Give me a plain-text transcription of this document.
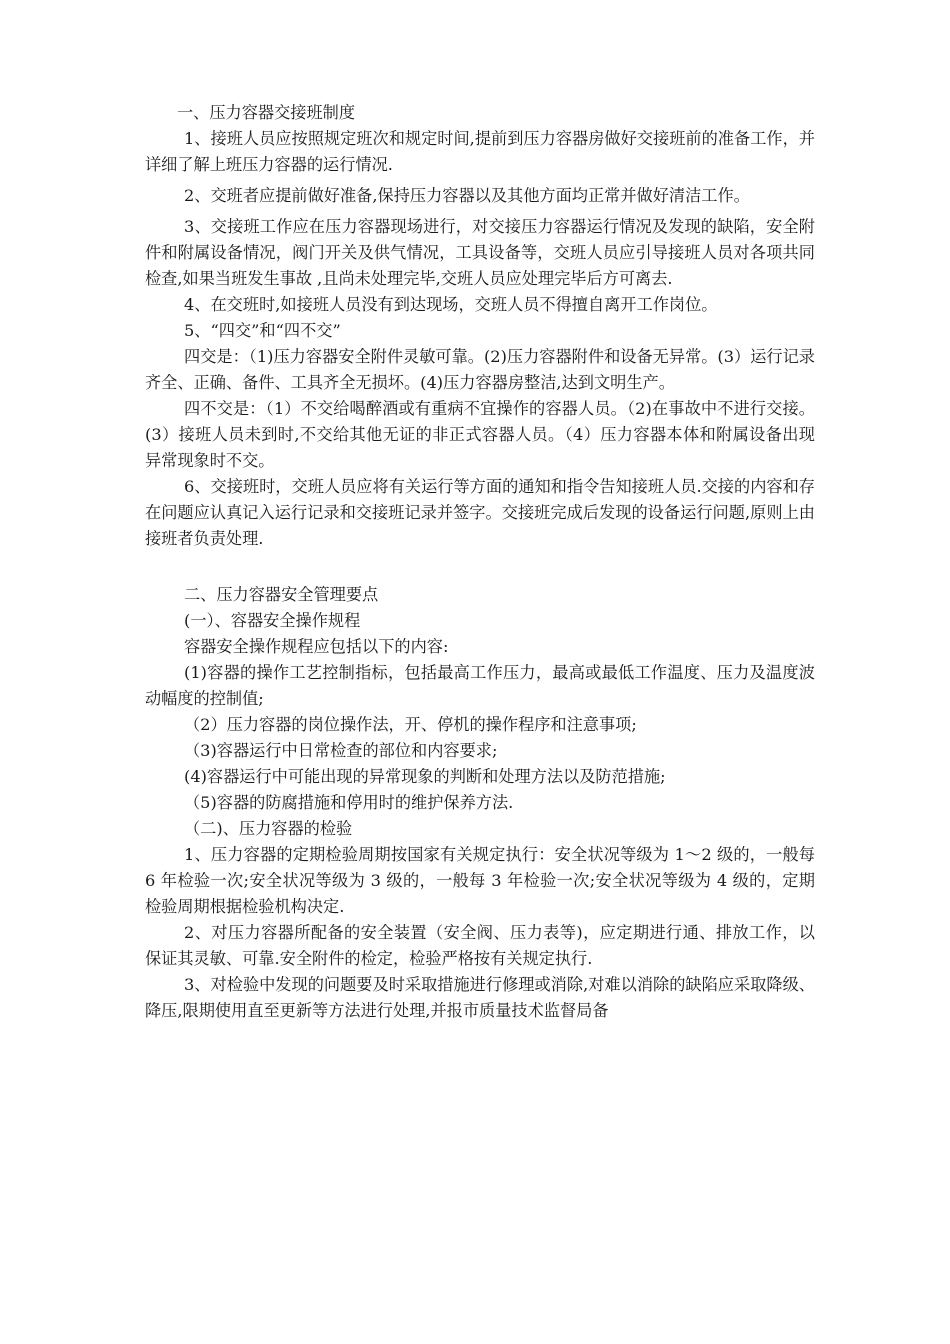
一、压力容器交接班制度

1、接班人员应按照规定班次和规定时间,提前到压力容器房做好交接班前的准备工作，并详细了解上班压力容器的运行情况.

2、交班者应提前做好准备,保持压力容器以及其他方面均正常并做好清洁工作。

3、交接班工作应在压力容器现场进行，对交接压力容器运行情况及发现的缺陷，安全附件和附属设备情况，阀门开关及供气情况，工具设备等，交班人员应引导接班人员对各项共同检查,如果当班发生事故 ,且尚未处理完毕,交班人员应处理完毕后方可离去.

4、在交班时,如接班人员没有到达现场，交班人员不得擅自离开工作岗位。

5、“四交”和“四不交”

四交是：（1)压力容器安全附件灵敏可靠。(2)压力容器附件和设备无异常。(3）运行记录齐全、正确、备件、工具齐全无损坏。(4)压力容器房整洁,达到文明生产。

四不交是：（1）不交给喝醉酒或有重病不宜操作的容器人员。（2)在事故中不进行交接。(3）接班人员未到时,不交给其他无证的非正式容器人员。（4）压力容器本体和附属设备出现异常现象时不交。

6、交接班时，交班人员应将有关运行等方面的通知和指令告知接班人员.交接的内容和存在问题应认真记入运行记录和交接班记录并签字。交接班完成后发现的设备运行问题,原则上由接班者负责处理.

二、压力容器安全管理要点

(一）、容器安全操作规程

容器安全操作规程应包括以下的内容:

(1)容器的操作工艺控制指标，包括最高工作压力，最高或最低工作温度、压力及温度波动幅度的控制值;

（2）压力容器的岗位操作法，开、停机的操作程序和注意事项;

（3)容器运行中日常检查的部位和内容要求;

(4)容器运行中可能出现的异常现象的判断和处理方法以及防范措施;

（5)容器的防腐措施和停用时的维护保养方法.

（二)、压力容器的检验

1、压力容器的定期检验周期按国家有关规定执行：安全状况等级为 1～2 级的，一般每 6 年检验一次;安全状况等级为 3 级的，一般每 3 年检验一次;安全状况等级为 4 级的，定期检验周期根据检验机构决定.

2、对压力容器所配备的安全装置（安全阀、压力表等)，应定期进行通、排放工作，以保证其灵敏、可靠.安全附件的检定，检验严格按有关规定执行.

3、对检验中发现的问题要及时采取措施进行修理或消除,对难以消除的缺陷应采取降级、降压,限期使用直至更新等方法进行处理,并报市质量技术监督局备
